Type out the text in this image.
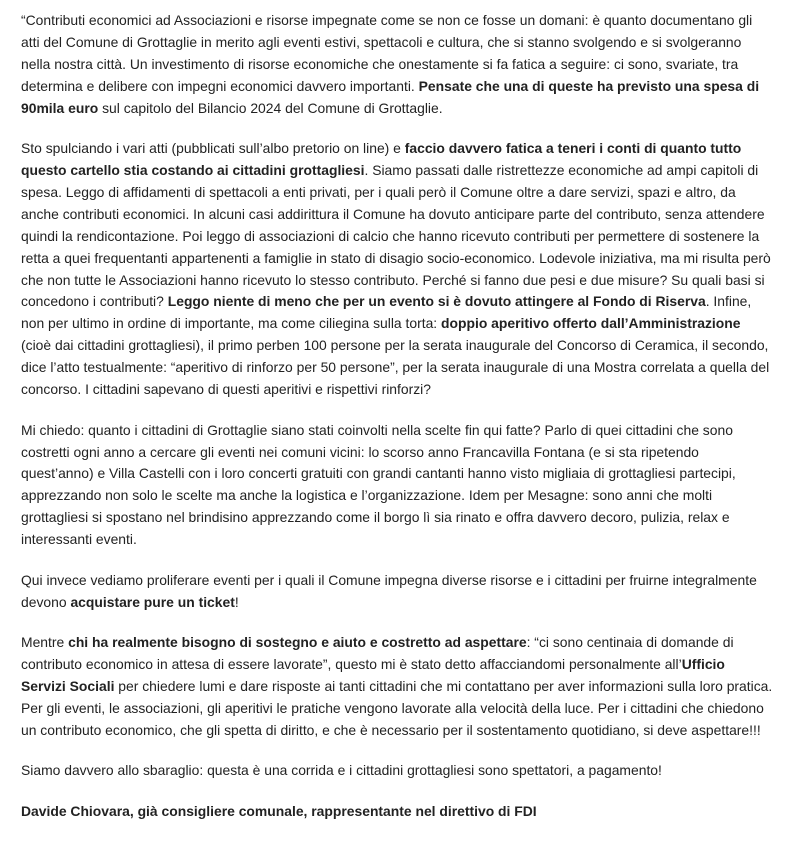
“Contributi economici ad Associazioni e risorse impegnate come se non ce fosse un domani: è quanto documentano gli atti del Comune di Grottaglie in merito agli eventi estivi, spettacoli e cultura, che si stanno svolgendo e si svolgeranno nella nostra città. Un investimento di risorse economiche che onestamente si fa fatica a seguire: ci sono, svariate, tra determina e delibere con impegni economici davvero importanti. Pensate che una di queste ha previsto una spesa di 90mila euro sul capitolo del Bilancio 2024 del Comune di Grottaglie.

Sto spulciando i vari atti (pubblicati sull’albo pretorio on line) e faccio davvero fatica a teneri i conti di quanto tutto questo cartello stia costando ai cittadini grottagliesi. Siamo passati dalle ristrettezze economiche ad ampi capitoli di spesa. Leggo di affidamenti di spettacoli a enti privati, per i quali però il Comune oltre a dare servizi, spazi e altro, da anche contributi economici. In alcuni casi addirittura il Comune ha dovuto anticipare parte del contributo, senza attendere quindi la rendicontazione. Poi leggo di associazioni di calcio che hanno ricevuto contributi per permettere di sostenere la retta a quei frequentanti appartenenti a famiglie in stato di disagio socio-economico. Lodevole iniziativa, ma mi risulta però che non tutte le Associazioni hanno ricevuto lo stesso contributo. Perché si fanno due pesi e due misure? Su quali basi si concedono i contributi? Leggo niente di meno che per un evento si è dovuto attingere al Fondo di Riserva. Infine, non per ultimo in ordine di importante, ma come ciliegina sulla torta: doppio aperitivo offerto dall’Amministrazione (cioè dai cittadini grottagliesi), il primo perben 100 persone per la serata inaugurale del Concorso di Ceramica, il secondo, dice l’atto testualmente: “aperitivo di rinforzo per 50 persone”, per la serata inaugurale di una Mostra correlata a quella del concorso. I cittadini sapevano di questi aperitivi e rispettivi rinforzi?

Mi chiedo: quanto i cittadini di Grottaglie siano stati coinvolti nella scelte fin qui fatte? Parlo di quei cittadini che sono costretti ogni anno a cercare gli eventi nei comuni vicini: lo scorso anno Francavilla Fontana (e si sta ripetendo quest’anno) e Villa Castelli con i loro concerti gratuiti con grandi cantanti hanno visto migliaia di grottagliesi partecipi, apprezzando non solo le scelte ma anche la logistica e l’organizzazione. Idem per Mesagne: sono anni che molti grottagliesi si spostano nel brindisino apprezzando come il borgo lì sia rinato e offra davvero decoro, pulizia, relax e interessanti eventi.

Qui invece vediamo proliferare eventi per i quali il Comune impegna diverse risorse e i cittadini per fruirne integralmente devono acquistare pure un ticket!

Mentre chi ha realmente bisogno di sostegno e aiuto e costretto ad aspettare: “ci sono centinaia di domande di contributo economico in attesa di essere lavorate”, questo mi è stato detto affacciandomi personalmente all’Ufficio Servizi Sociali per chiedere lumi e dare risposte ai tanti cittadini che mi contattano per aver informazioni sulla loro pratica. Per gli eventi, le associazioni, gli aperitivi le pratiche vengono lavorate alla velocità della luce. Per i cittadini che chiedono un contributo economico, che gli spetta di diritto, e che è necessario per il sostentamento quotidiano, si deve aspettare!!!

Siamo davvero allo sbaraglio: questa è una corrida e i cittadini grottagliesi sono spettatori, a pagamento!

Davide Chiovara, già consigliere comunale, rappresentante nel direttivo di FDI
